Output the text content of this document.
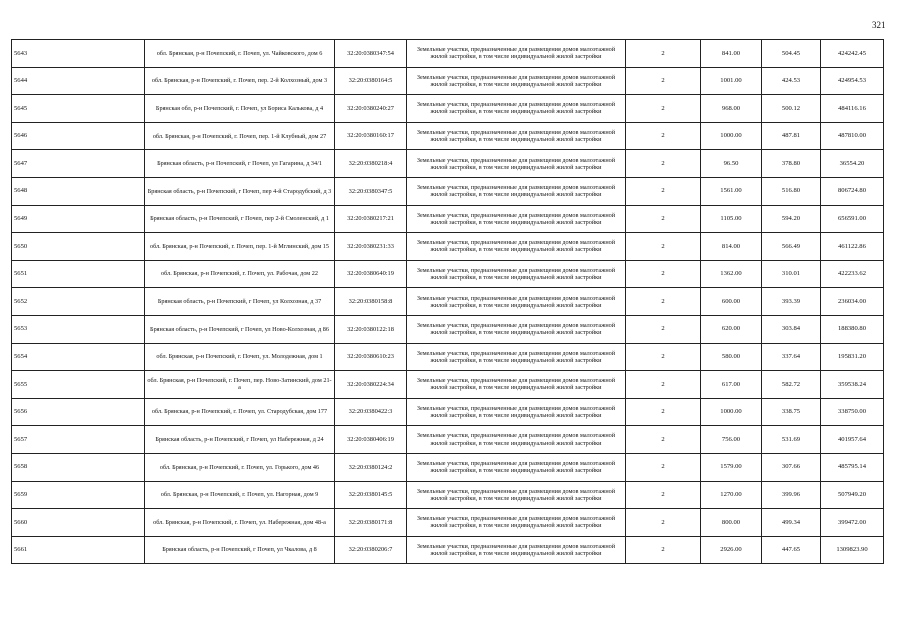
321
5643	обл. Брянская, р-н Почепский, г. Почеп, ул. Чайковского, дом 6	32:20:0380347:54	Земельные участки, предназначенные для размещения домов малоэтажной жилой застройки, в том числе индивидуальной жилой застройки	2	841.00	504.45	424242.45
5644	обл. Брянская, р-н Почепский, г. Почеп, пер. 2-й Колхозный, дом 3	32:20:0380164:5	Земельные участки, предназначенные для размещения домов малоэтажной жилой застройки, в том числе индивидуальной жилой застройки	2	1001.00	424.53	424954.53
5645	Брянская обл, р-н Почепский, г. Почеп, ул Бориса Калькова, д 4	32:20:0380240:27	Земельные участки, предназначенные для размещения домов малоэтажной жилой застройки, в том числе индивидуальной жилой застройки	2	968.00	500.12	484116.16
5646	обл. Брянская, р-н Почепский, г. Почеп, пер. 1-й Клубный, дом 27	32:20:0380160:17	Земельные участки, предназначенные для размещения домов малоэтажной жилой застройки, в том числе индивидуальной жилой застройки	2	1000.00	487.81	487810.00
5647	Брянская область, р-н Почепский, г Почеп, ул Гагарина, д 34/1	32:20:0380218:4	Земельные участки, предназначенные для размещения домов малоэтажной жилой застройки, в том числе индивидуальной жилой застройки	2	96.50	378.80	36554.20
5648	Брянская область, р-н Почепский, г Почеп, пер 4-й Стародубский, д 3	32:20:0380347:5	Земельные участки, предназначенные для размещения домов малоэтажной жилой застройки, в том числе индивидуальной жилой застройки	2	1561.00	516.80	806724.80
5649	Брянская область, р-н Почепский, г Почеп, пер 2-й Смоленский, д 1	32:20:0380217:21	Земельные участки, предназначенные для размещения домов малоэтажной жилой застройки, в том числе индивидуальной жилой застройки	2	1105.00	594.20	656591.00
5650	обл. Брянская, р-н Почепский, г. Почеп, пер. 1-й Мглинский, дом 15	32:20:0380231:33	Земельные участки, предназначенные для размещения домов малоэтажной жилой застройки, в том числе индивидуальной жилой застройки	2	814.00	566.49	461122.86
5651	обл. Брянская, р-н Почепский, г. Почеп, ул. Рабочая, дом 22	32:20:0380640:19	Земельные участки, предназначенные для размещения домов малоэтажной жилой застройки, в том числе индивидуальной жилой застройки	2	1362.00	310.01	422233.62
5652	Брянская область, р-н Почепский, г Почеп, ул Колхозная, д 37	32:20:0380158:8	Земельные участки, предназначенные для размещения домов малоэтажной жилой застройки, в том числе индивидуальной жилой застройки	2	600.00	393.39	236034.00
5653	Брянская область, р-н Почепский, г Почеп, ул Ново-Колхозная, д 86	32:20:0380122:18	Земельные участки, предназначенные для размещения домов малоэтажной жилой застройки, в том числе индивидуальной жилой застройки	2	620.00	303.84	188380.80
5654	обл. Брянская, р-н Почепский, г. Почеп, ул. Молодежная, дом 1	32:20:0380610:23	Земельные участки, предназначенные для размещения домов малоэтажной жилой застройки, в том числе индивидуальной жилой застройки	2	580.00	337.64	195831.20
5655	обл. Брянская, р-н Почепский, г. Почеп, пер. Ново-Затинский, дом 21-а	32:20:0380224:34	Земельные участки, предназначенные для размещения домов малоэтажной жилой застройки, в том числе индивидуальной жилой застройки	2	617.00	582.72	359538.24
5656	обл. Брянская, р-н Почепский, г. Почеп, ул. Стародубская, дом 177	32:20:0380422:3	Земельные участки, предназначенные для размещения домов малоэтажной жилой застройки, в том числе индивидуальной жилой застройки	2	1000.00	338.75	338750.00
5657	Брянская область, р-н Почепский, г Почеп, ул Набережная, д 24	32:20:0380406:19	Земельные участки, предназначенные для размещения домов малоэтажной жилой застройки, в том числе индивидуальной жилой застройки	2	756.00	531.69	401957.64
5658	обл. Брянская, р-н Почепский, г. Почеп, ул. Горького, дом 46	32:20:0380124:2	Земельные участки, предназначенные для размещения домов малоэтажной жилой застройки, в том числе индивидуальной жилой застройки	2	1579.00	307.66	485795.14
5659	обл. Брянская, р-н Почепский, г. Почеп, ул. Нагорная, дом 9	32:20:0380145:5	Земельные участки, предназначенные для размещения домов малоэтажной жилой застройки, в том числе индивидуальной жилой застройки	2	1270.00	399.96	507949.20
5660	обл. Брянская, р-н Почепский, г. Почеп, ул. Набережная, дом 48-а	32:20:0380171:8	Земельные участки, предназначенные для размещения домов малоэтажной жилой застройки, в том числе индивидуальной жилой застройки	2	800.00	499.34	399472.00
5661	Брянская область, р-н Почепский, г Почеп, ул Чкалова, д 8	32:20:0380206:7	Земельные участки, предназначенные для размещения домов малоэтажной жилой застройки, в том числе индивидуальной жилой застройки	2	2926.00	447.65	1309823.90
